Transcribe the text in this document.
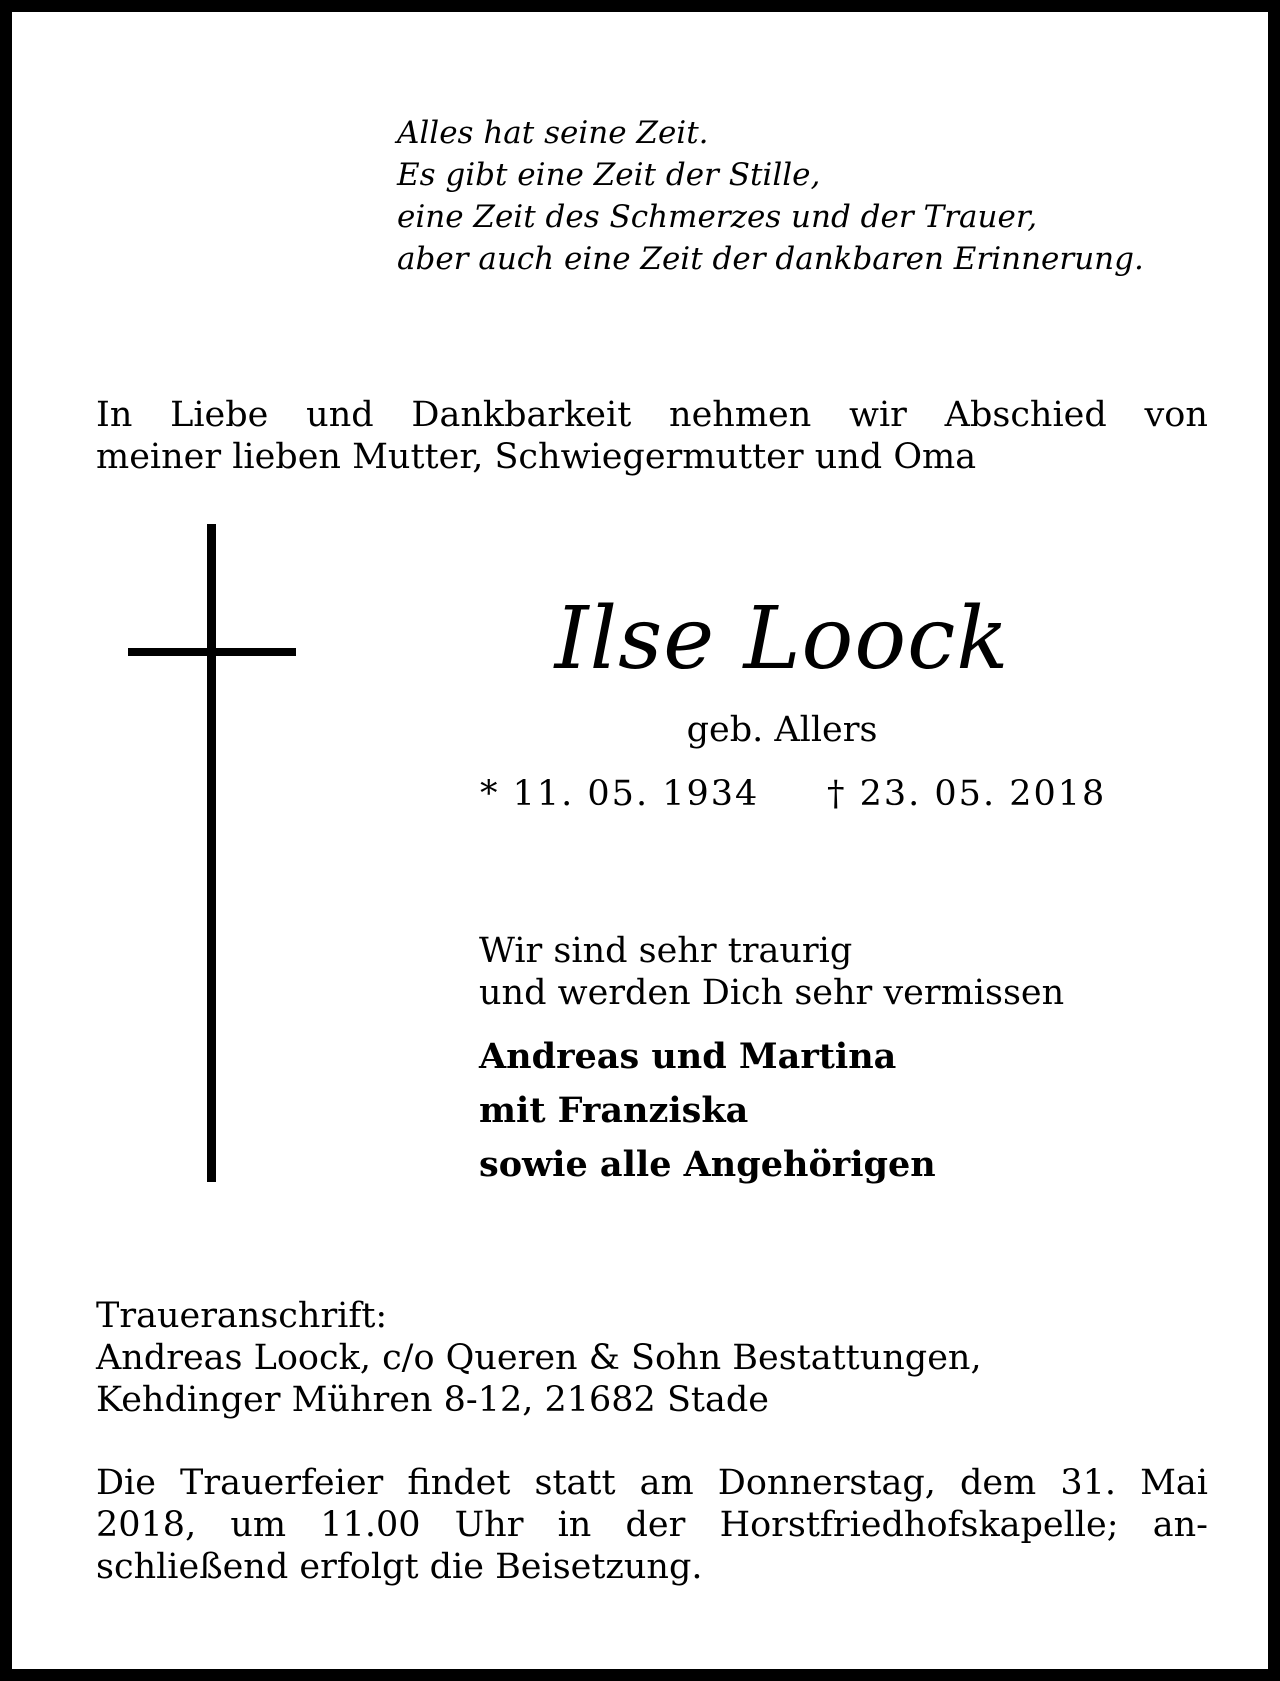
Alles hat seine Zeit.
Es gibt eine Zeit der Stille,
eine Zeit des Schmerzes und der Trauer,
aber auch eine Zeit der dankbaren Erinnerung.
In Liebe und Dankbarkeit nehmen wir Abschied von
meiner lieben Mutter, Schwiegermutter und Oma
Ilse Loock
geb. Allers
* 11. 05. 1934 † 23. 05. 2018
Wir sind sehr traurig
und werden Dich sehr vermissen
Andreas und Martina
mit Franziska
sowie alle Angehörigen
Traueranschrift:
Andreas Loock, c/o Queren & Sohn Bestattungen,
Kehdinger Mühren 8-12, 21682 Stade
Die Trauerfeier findet statt am Donnerstag, dem 31. Mai
2018, um 11.00 Uhr in der Horstfriedhofskapelle; an-
schließend erfolgt die Beisetzung.
